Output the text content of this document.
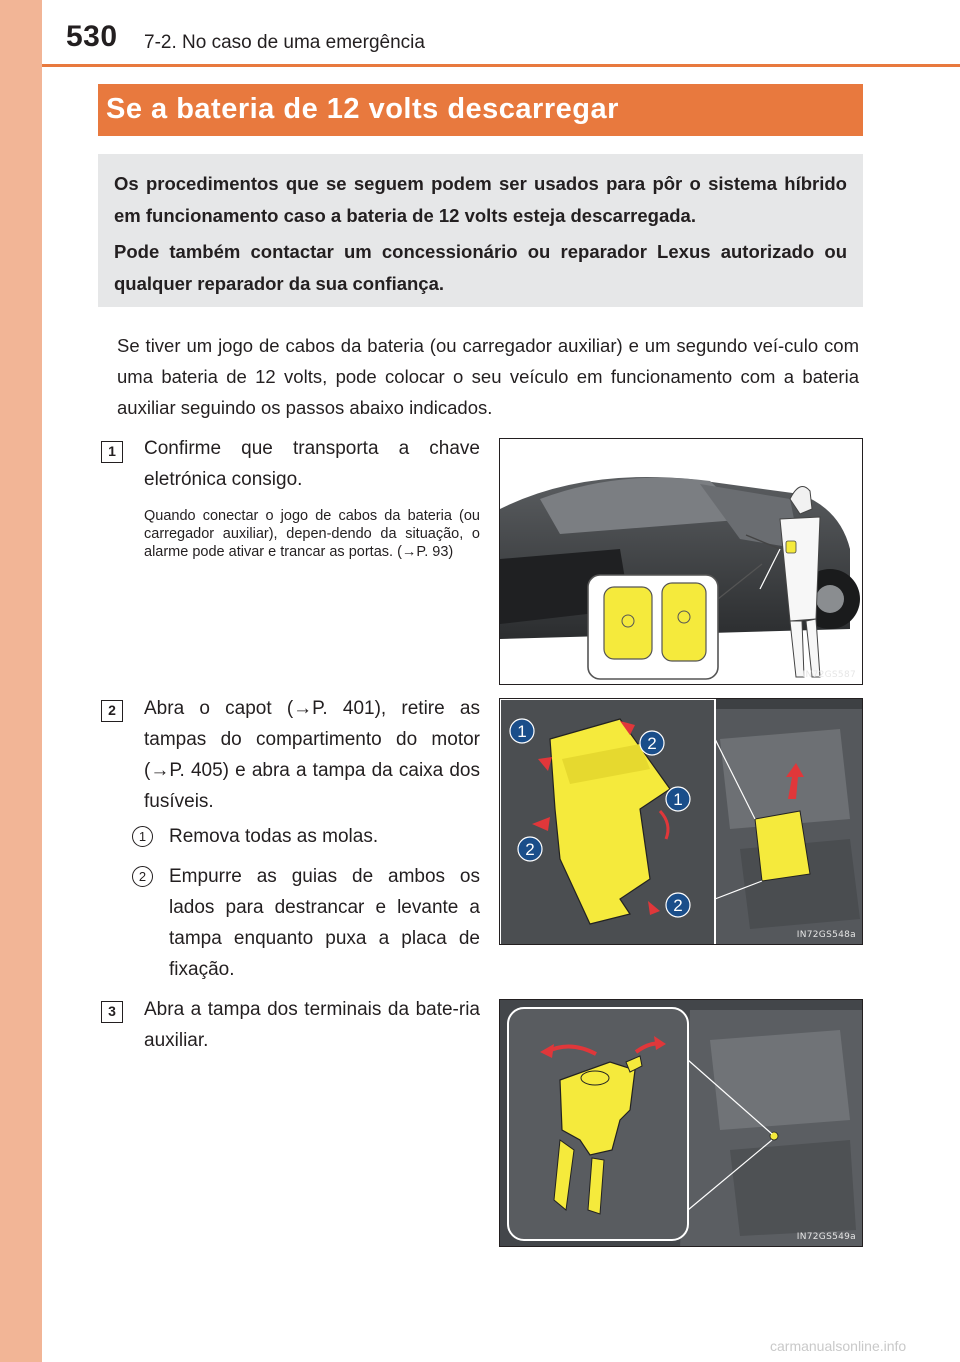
530 7-2. No caso de uma emergência
Se a bateria de 12 volts descarregar

Os procedimentos que se seguem podem ser usados para pôr o sistema híbrido em funcionamento caso a bateria de 12 volts esteja descarregada.

Pode também contactar um concessionário ou reparador Lexus autorizado ou qualquer reparador da sua confiança.

Se tiver um jogo de cabos da bateria (ou carregador auxiliar) e um segundo veí-culo com uma bateria de 12 volts, pode colocar o seu veículo em funcionamento com a bateria auxiliar seguindo os passos abaixo indicados.

1	Confirme que transporta a chave eletrónica consigo.

Quando conectar o jogo de cabos da bateria (ou carregador auxiliar), depen-dendo da situação, o alarme pode ativar e trancar as portas. (→P. 93)

IN72GS587
2	Abra o capot (→P. 401), retire as tampas do compartimento do motor (→P. 405) e abra a tampa da caixa dos fusíveis.

1	Remova todas as molas.
2	Empurre as guias de ambos os lados para destrancar e levante a tampa enquanto puxa a placa de fixação.
1
2
1
2
2
IN72GS548a
3	Abra a tampa dos terminais da bate-ria auxiliar.

IN72GS549a
carmanualsonline.info
